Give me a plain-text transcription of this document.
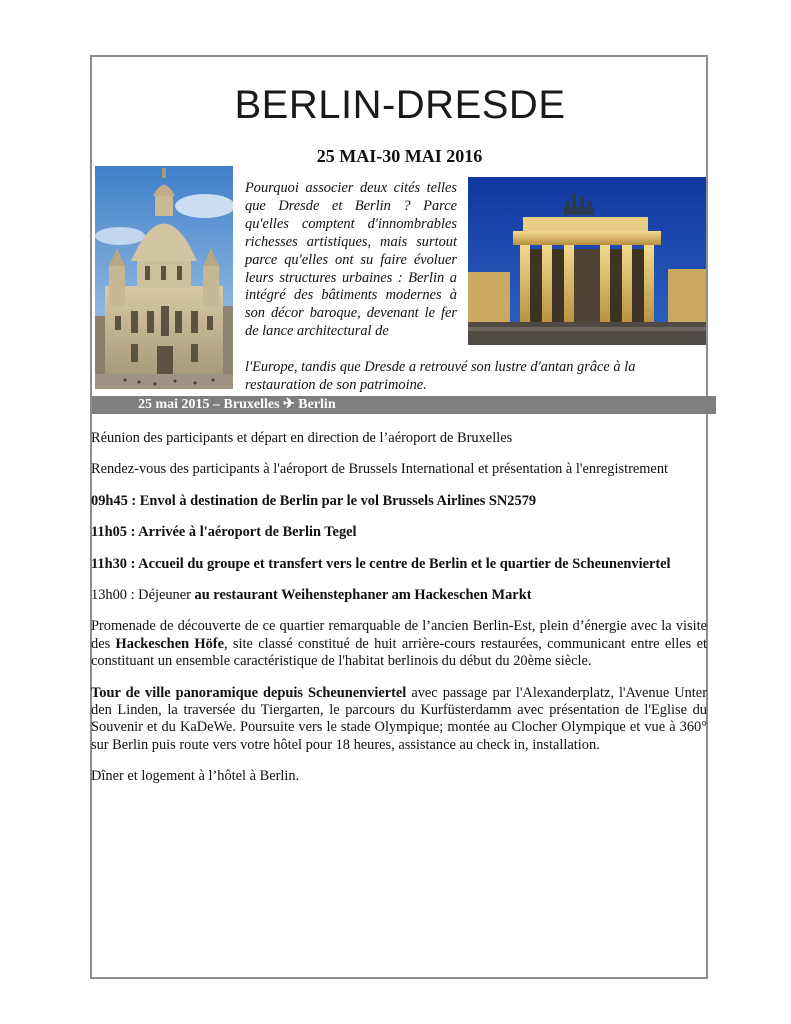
BERLIN-DRESDE
25 MAI-30 MAI 2016
Pourquoi associer deux cités telles que Dresde et Berlin ? Parce qu'elles comptent d'innombrables richesses artistiques, mais surtout parce qu'elles ont su faire évoluer leurs structures urbaines : Berlin a intégré des bâtiments modernes à son décor baroque, devenant le fer de lance architectural de
l'Europe, tandis que Dresde a retrouvé son lustre d'antan grâce à la restauration de son patrimoine.
25 mai 2015 – Bruxelles ✈ Berlin

Réunion des participants et départ en direction de l’aéroport de Bruxelles

Rendez-vous des participants à l'aéroport de Brussels International et présentation à l'enregistrement

09h45 : Envol à destination de Berlin par le vol Brussels Airlines SN2579

11h05 : Arrivée à l'aéroport de Berlin Tegel

11h30 : Accueil du groupe et transfert vers le centre de Berlin et le quartier de Scheunenviertel

13h00 : Déjeuner au restaurant Weihenstephaner am Hackeschen Markt

Promenade de découverte de ce quartier remarquable de l’ancien Berlin-Est, plein d’énergie avec la visite des Hackeschen Höfe, site classé constitué de huit arrière-cours restaurées, communicant entre elles et constituant un ensemble caractéristique de l'habitat berlinois du début du 20ème siècle.

Tour de ville panoramique depuis Scheunenviertel avec passage par l'Alexanderplatz, l'Avenue Unter den Linden, la traversée du Tiergarten, le parcours du Kurfüsterdamm avec présentation de l'Eglise du Souvenir et du KaDeWe. Poursuite vers le stade Olympique; montée au Clocher Olympique et vue à 360° sur Berlin puis route vers votre hôtel pour 18 heures, assistance au check in, installation.

Dîner et logement à l’hôtel à Berlin.
